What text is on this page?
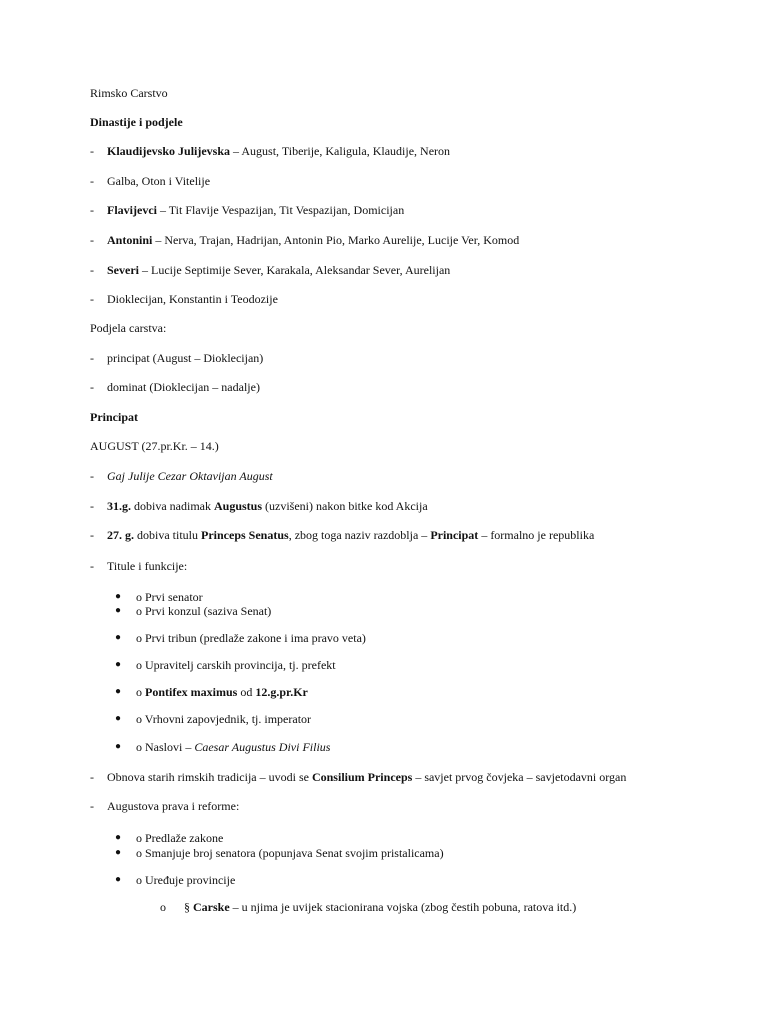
Rimsko Carstvo
Dinastije i podjele
- Klaudijevsko Julijevska – August, Tiberije, Kaligula, Klaudije, Neron
- Galba, Oton i Vitelije
- Flavijevci – Tit Flavije Vespazijan, Tit Vespazijan, Domicijan
- Antonini – Nerva, Trajan, Hadrijan, Antonin Pio, Marko Aurelije, Lucije Ver, Komod
- Severi – Lucije Septimije Sever, Karakala, Aleksandar Sever, Aurelijan
- Dioklecijan, Konstantin i Teodozije
Podjela carstva:
- principat (August – Dioklecijan)
- dominat (Dioklecijan – nadalje)
Principat
AUGUST (27.pr.Kr. – 14.)
- Gaj Julije Cezar Oktavijan August
- 31.g. dobiva nadimak Augustus (uzvišeni) nakon bitke kod Akcija
- 27. g. dobiva titulu Princeps Senatus, zbog toga naziv razdoblja – Principat – formalno je republika
- Titule i funkcije:
● o Prvi senator
● o Prvi konzul (saziva Senat)
● o Prvi tribun (predlaže zakone i ima pravo veta)
● o Upravitelj carskih provincija, tj. prefekt
● o Pontifex maximus od 12.g.pr.Kr
● o Vrhovni zapovjednik, tj. imperator
● o Naslovi – Caesar Augustus Divi Filius
- Obnova starih rimskih tradicija – uvodi se Consilium Princeps – savjet prvog čovjeka – savjetodavni organ
- Augustova prava i reforme:
● o Predlaže zakone
● o Smanjuje broj senatora (popunjava Senat svojim pristalicama)
● o Uređuje provincije
o § Carske – u njima je uvijek stacionirana vojska (zbog čestih pobuna, ratova itd.)
